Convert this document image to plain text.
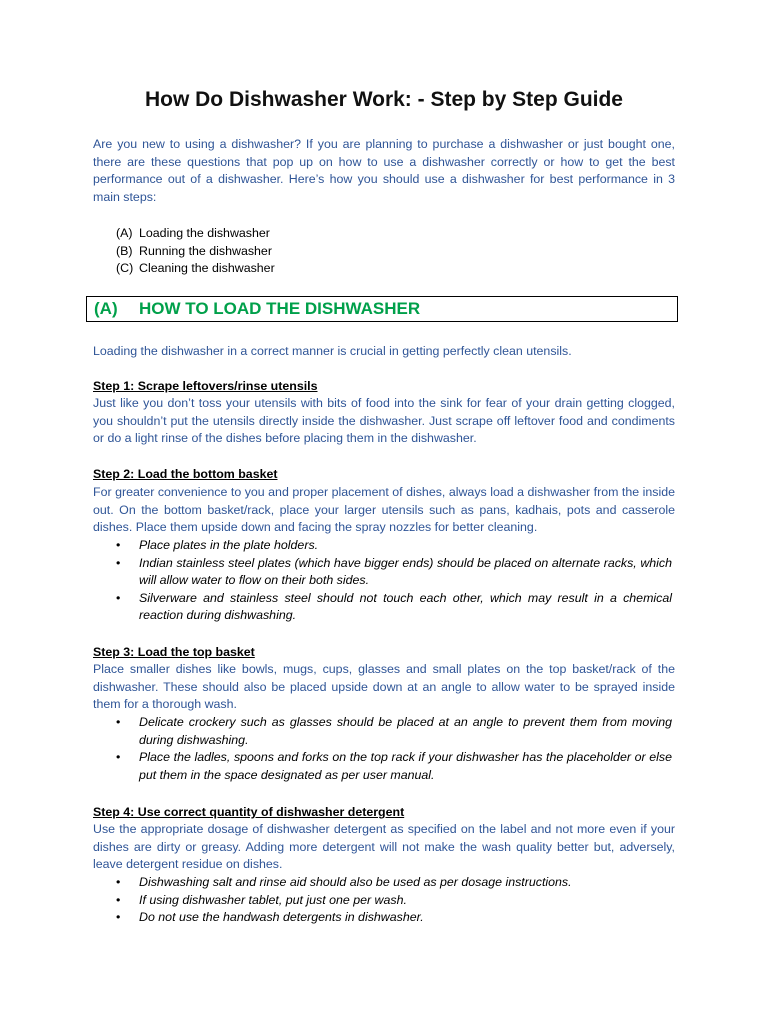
How Do Dishwasher Work: - Step by Step Guide

Are you new to using a dishwasher? If you are planning to purchase a dishwasher or just bought one, there are these questions that pop up on how to use a dishwasher correctly or how to get the best performance out of a dishwasher. Here’s how you should use a dishwasher for best performance in 3 main steps:

(A) Loading the dishwasher
(B) Running the dishwasher
(C) Cleaning the dishwasher
(A) HOW TO LOAD THE DISHWASHER

Loading the dishwasher in a correct manner is crucial in getting perfectly clean utensils.

Step 1: Scrape leftovers/rinse utensils

Just like you don’t toss your utensils with bits of food into the sink for fear of your drain getting clogged, you shouldn’t put the utensils directly inside the dishwasher. Just scrape off leftover food and condiments or do a light rinse of the dishes before placing them in the dishwasher.

Step 2: Load the bottom basket

For greater convenience to you and proper placement of dishes, always load a dishwasher from the inside out. On the bottom basket/rack, place your larger utensils such as pans, kadhais, pots and casserole dishes. Place them upside down and facing the spray nozzles for better cleaning.

•	Place plates in the plate holders.
•	Indian stainless steel plates (which have bigger ends) should be placed on alternate racks, which will allow water to flow on their both sides.
•	Silverware and stainless steel should not touch each other, which may result in a chemical reaction during dishwashing.

Step 3: Load the top basket

Place smaller dishes like bowls, mugs, cups, glasses and small plates on the top basket/rack of the dishwasher. These should also be placed upside down at an angle to allow water to be sprayed inside them for a thorough wash.

•	Delicate crockery such as glasses should be placed at an angle to prevent them from moving during dishwashing.
•	Place the ladles, spoons and forks on the top rack if your dishwasher has the placeholder or else put them in the space designated as per user manual.

Step 4: Use correct quantity of dishwasher detergent

Use the appropriate dosage of dishwasher detergent as specified on the label and not more even if your dishes are dirty or greasy. Adding more detergent will not make the wash quality better but, adversely, leave detergent residue on dishes.

•	Dishwashing salt and rinse aid should also be used as per dosage instructions.
•	If using dishwasher tablet, put just one per wash.
•	Do not use the handwash detergents in dishwasher.
